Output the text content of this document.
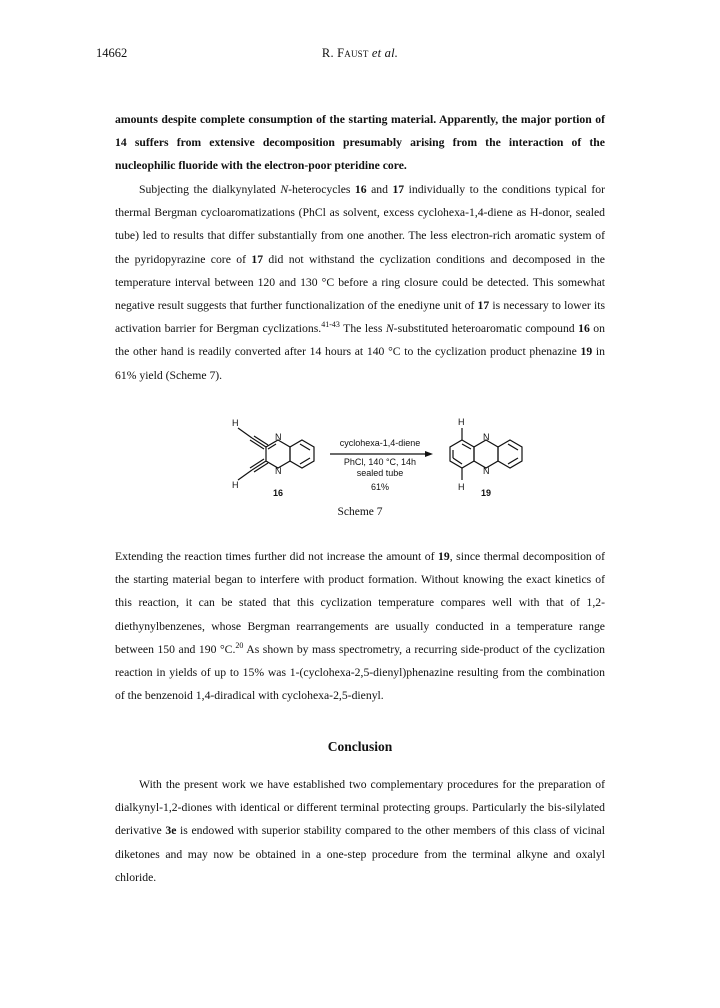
14662	R. Faust et al.

amounts despite complete consumption of the starting material. Apparently, the major portion of 14 suffers from extensive decomposition presumably arising from the interaction of the nucleophilic fluoride with the electron-poor pteridine core.

Subjecting the dialkynylated N-heterocycles 16 and 17 individually to the conditions typical for thermal Bergman cycloaromatizations (PhCl as solvent, excess cyclohexa-1,4-diene as H-donor, sealed tube) led to results that differ substantially from one another. The less electron-rich aromatic system of the pyridopyrazine core of 17 did not withstand the cyclization conditions and decomposed in the temperature interval between 120 and 130 °C before a ring closure could be detected. This somewhat negative result suggests that further functionalization of the enediyne unit of 17 is necessary to lower its activation barrier for Bergman cyclizations.$^{41-43}$ The less N-substituted heteroaromatic compound 16 on the other hand is readily converted after 14 hours at 140 °C to the cyclization product phenazine 19 in 61% yield (Scheme 7).

H
H
N
N
H
H
N
N
cyclohexa-1,4-diene
PhCl, 140 °C, 14h
sealed tube
61%
16	19
Scheme 7

Extending the reaction times further did not increase the amount of 19, since thermal decomposition of the starting material began to interfere with product formation. Without knowing the exact kinetics of this reaction, it can be stated that this cyclization temperature compares well with that of 1,2-diethynylbenzenes, whose Bergman rearrangements are usually conducted in a temperature range between 150 and 190 °C.$^{20}$ As shown by mass spectrometry, a recurring side-product of the cyclization reaction in yields of up to 15% was 1-(cyclohexa-2,5-dienyl)phenazine resulting from the combination of the benzenoid 1,4-diradical with cyclohexa-2,5-dienyl.

Conclusion

With the present work we have established two complementary procedures for the preparation of dialkynyl-1,2-diones with identical or different terminal protecting groups. Particularly the bis-silylated derivative 3e is endowed with superior stability compared to the other members of this class of vicinal diketones and may now be obtained in a one-step procedure from the terminal alkyne and oxalyl chloride.
